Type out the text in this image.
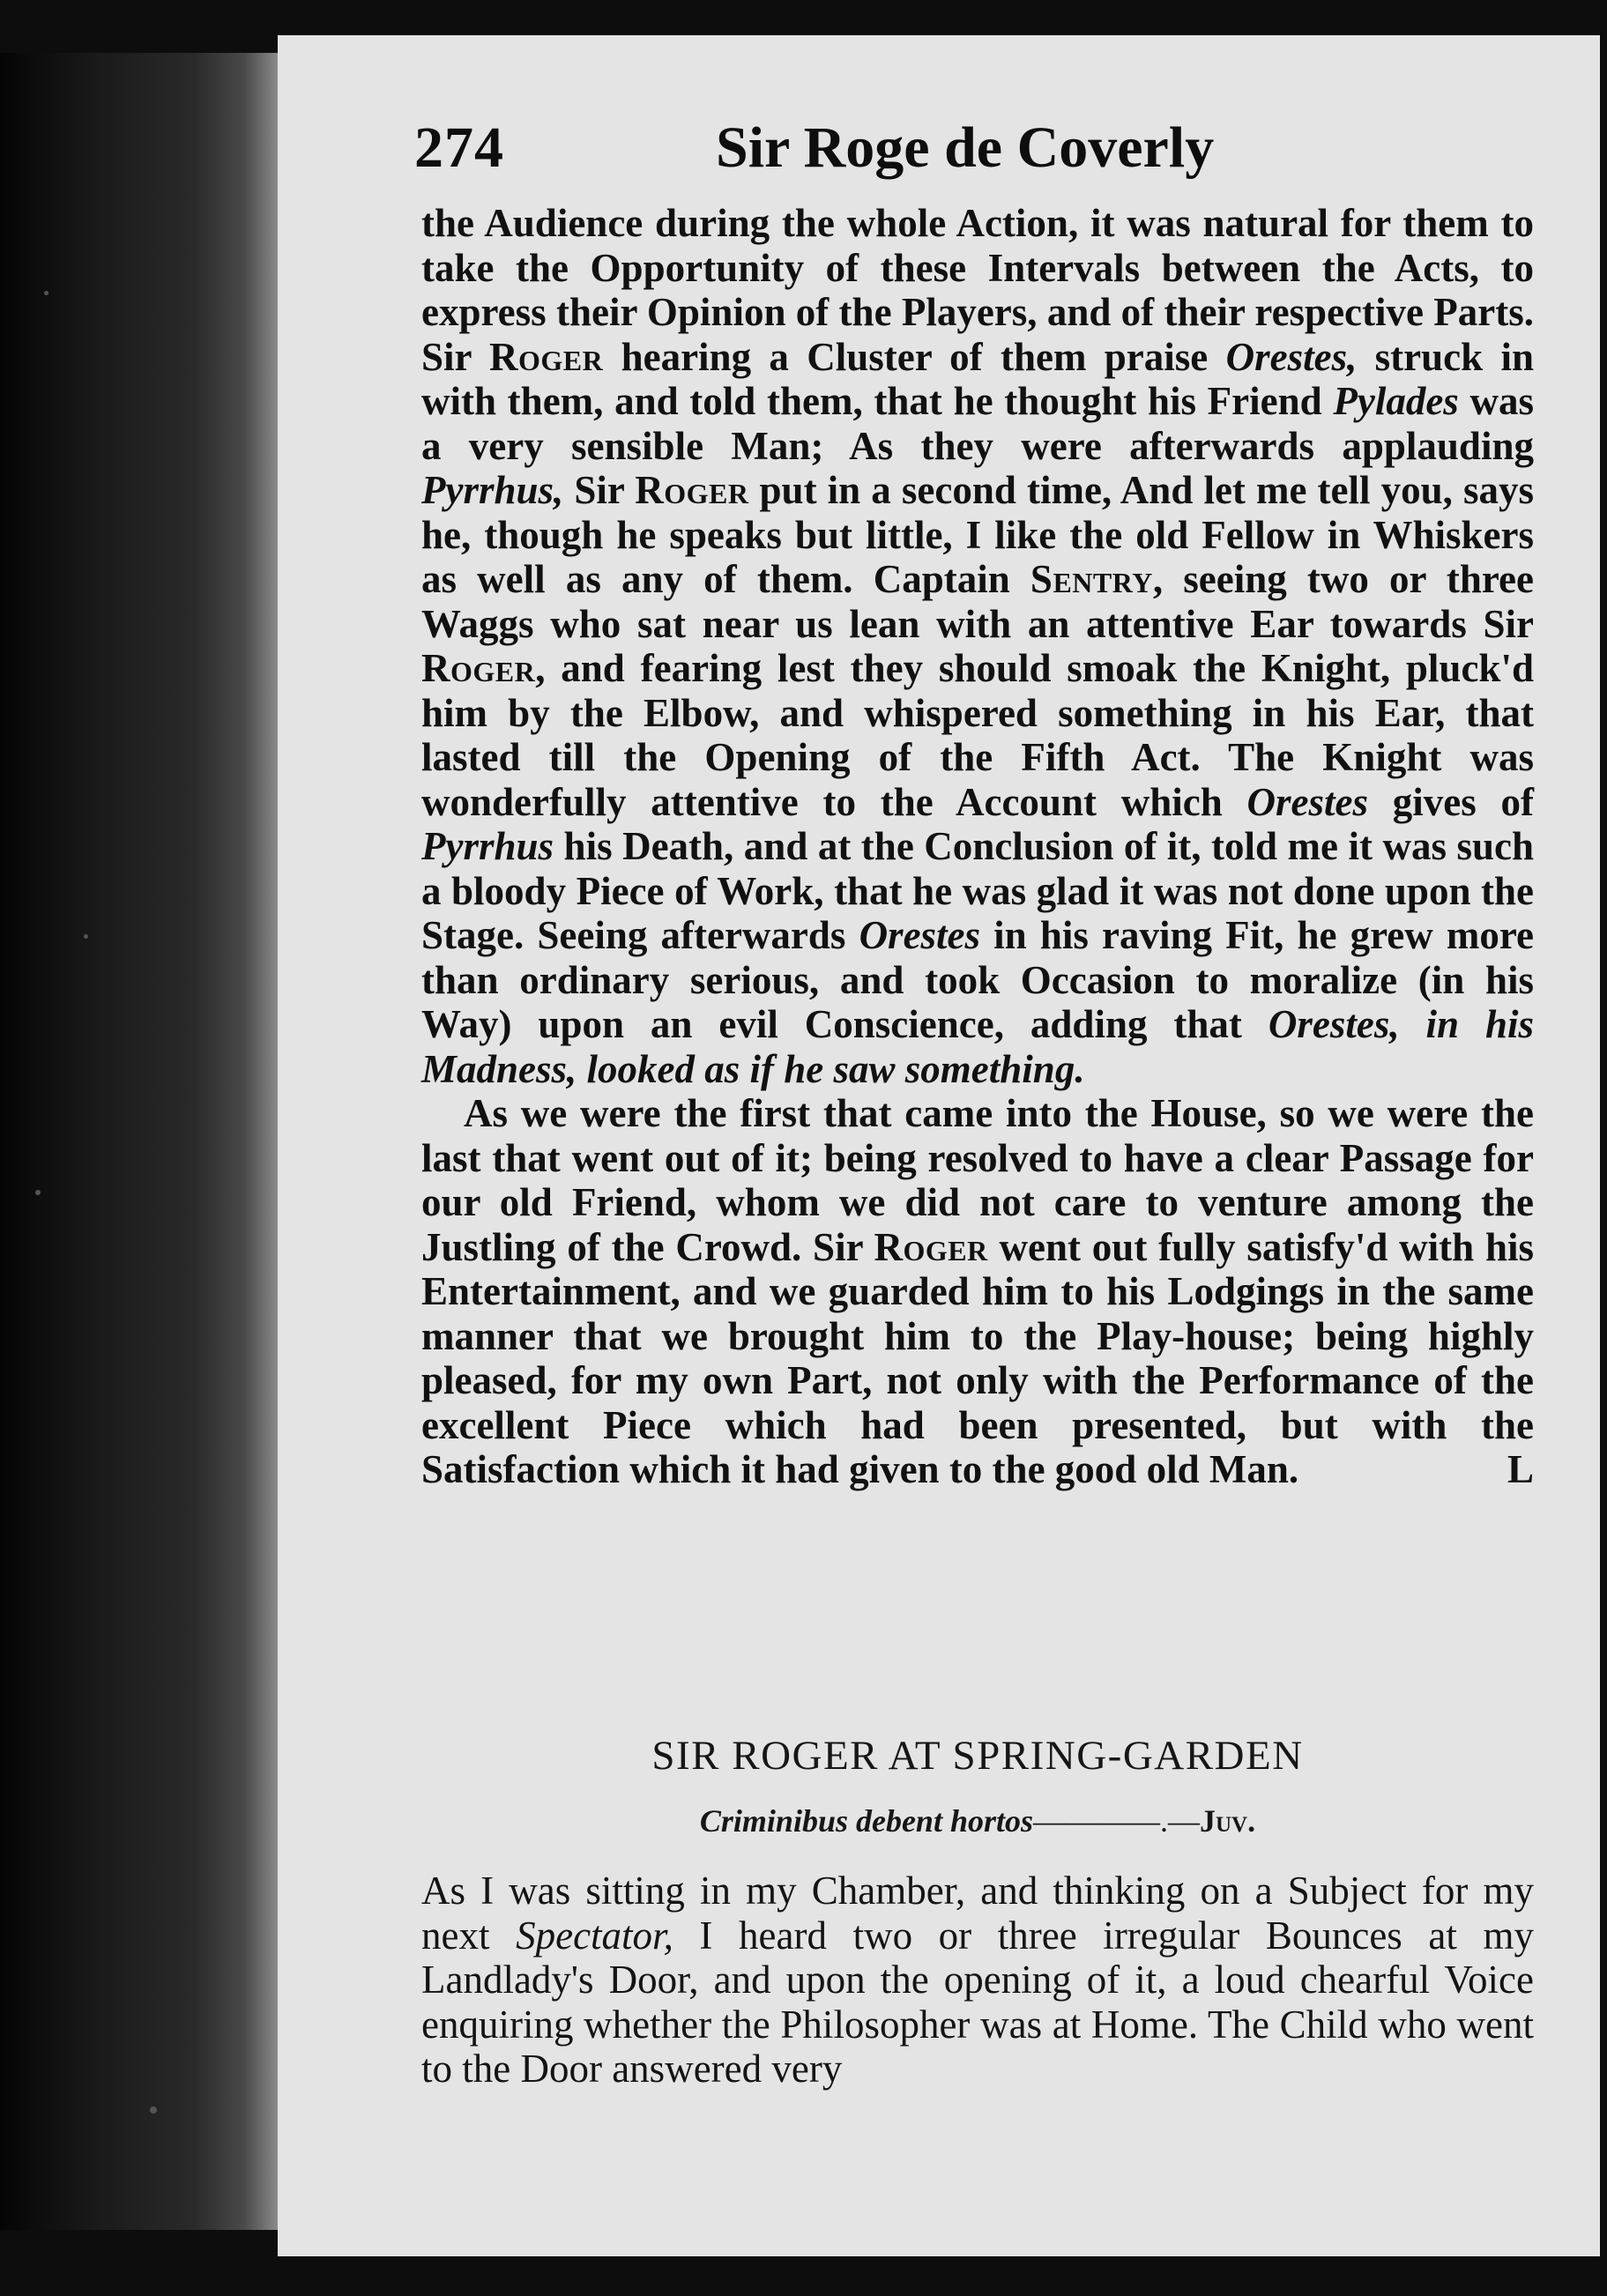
274	Sir Roge de Coverly

the Audience during the whole Action, it was natural for them to take the Opportunity of these Intervals between the Acts, to express their Opinion of the Players, and of their respective Parts. Sir Roger hearing a Cluster of them praise Orestes, struck in with them, and told them, that he thought his Friend Pylades was a very sensible Man; As they were afterwards applauding Pyrrhus, Sir Roger put in a second time, And let me tell you, says he, though he speaks but little, I like the old Fellow in Whiskers as well as any of them. Captain Sentry, seeing two or three Waggs who sat near us lean with an attentive Ear towards Sir Roger, and fearing lest they should smoak the Knight, pluck'd him by the Elbow, and whispered something in his Ear, that lasted till the Opening of the Fifth Act. The Knight was wonderfully attentive to the Account which Orestes gives of Pyrrhus his Death, and at the Conclusion of it, told me it was such a bloody Piece of Work, that he was glad it was not done upon the Stage. Seeing afterwards Orestes in his raving Fit, he grew more than ordinary serious, and took Occasion to moralize (in his Way) upon an evil Conscience, adding that Orestes, in his Madness, looked as if he saw something.

As we were the first that came into the House, so we were the last that went out of it; being resolved to have a clear Passage for our old Friend, whom we did not care to venture among the Justling of the Crowd. Sir Roger went out fully satisfy'd with his Entertainment, and we guarded him to his Lodgings in the same manner that we brought him to the Play-house; being highly pleased, for my own Part, not only with the Performance of the excellent Piece which had been presented, but with the Satisfaction which it had given to the good old Man.	L

SIR ROGER AT SPRING-GARDEN
Criminibus debent hortos————.—Juv.

As I was sitting in my Chamber, and thinking on a Subject for my next Spectator, I heard two or three irregular Bounces at my Landlady's Door, and upon the opening of it, a loud chearful Voice enquiring whether the Philosopher was at Home. The Child who went to the Door answered very
